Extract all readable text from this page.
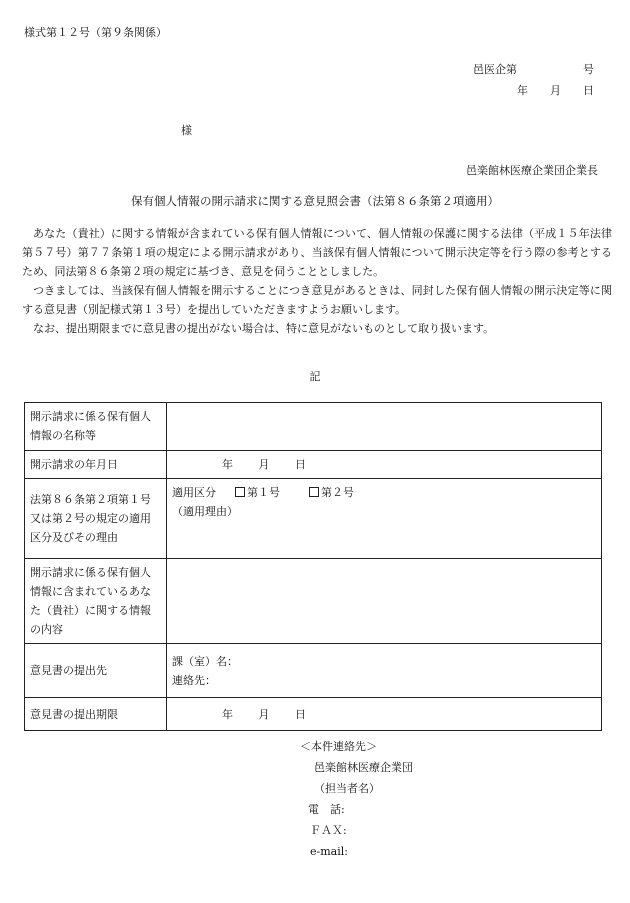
様式第１２号（第９条関係）
邑医企第　　　　　　号
年　　月　　日
様
邑楽館林医療企業団企業長
保有個人情報の開示請求に関する意見照会書（法第８６条第２項適用）

あなた（貴社）に関する情報が含まれている保有個人情報について、個人情報の保護に関する法律（平成１５年法律第５７号）第７７条第１項の規定による開示請求があり、当該保有個人情報について開示決定等を行う際の参考とするため、同法第８６条第２項の規定に基づき、意見を伺うこととしました。

つきましては、当該保有個人情報を開示することにつき意見があるときは、同封した保有個人情報の開示決定等に関する意見書（別記様式第１３号）を提出していただきますようお願いします。

なお、提出期限までに意見書の提出がない場合は、特に意見がないものとして取り扱います。

記
開示請求に係る保有個人情報の名称等	
開示請求の年月日	年 月 日
法第８６条第２項第１号又は第２号の規定の適用区分及びその理由	適用区分 第１号 第２号
（適用理由）

開示請求に係る保有個人情報に含まれているあなた（貴社）に関する情報の内容	
意見書の提出先	課（室）名：
連絡先：

意見書の提出期限	年 月 日
＜本件連絡先＞
邑楽館林医療企業団
（担当者名）
電　話:
ＦＡＸ:
e-mail:
